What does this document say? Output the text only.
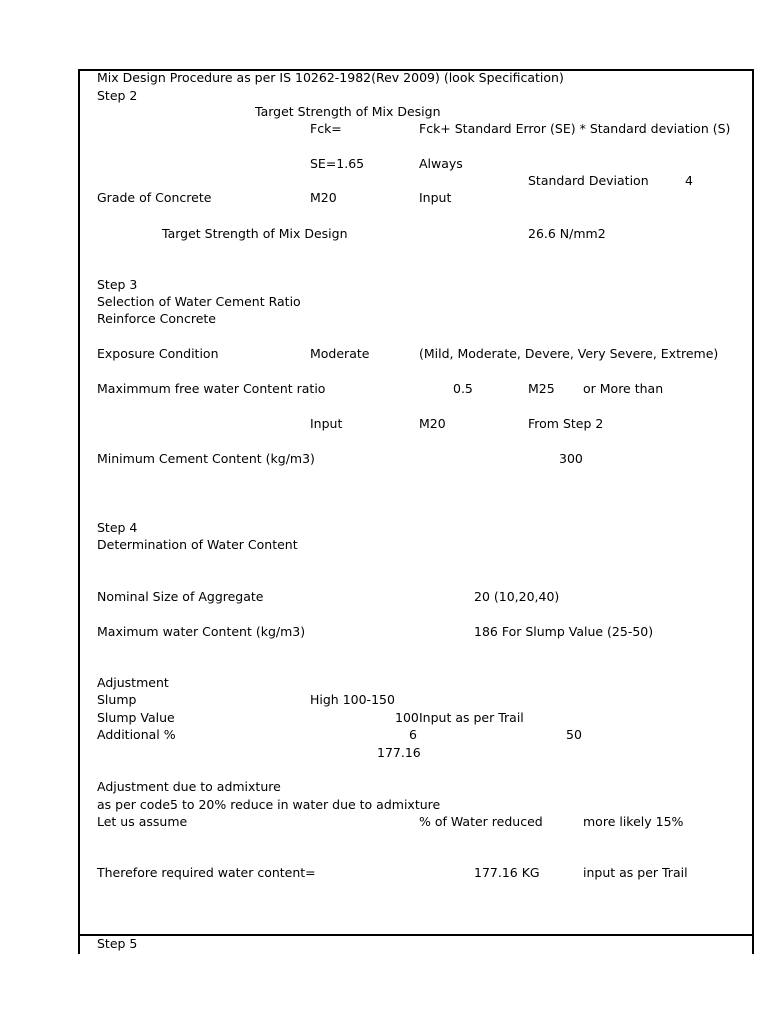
Mix Design Procedure as per IS 10262-1982(Rev 2009) (look Specification)
Step 2
Target Strength of Mix Design
Fck=	Fck+ Standard Error (SE) * Standard deviation (S)
SE=1.65	Always
Standard Deviation	4
Grade of Concrete	M20	Input
Target Strength of Mix Design	26.6 N/mm2
Step 3
Selection of Water Cement Ratio
Reinforce Concrete
Exposure Condition	Moderate	(Mild, Moderate, Devere, Very Severe, Extreme)
Maximmum free water Content ratio	0.5	M25 or More than
Input	M20	From Step 2
Minimum Cement Content (kg/m3)	300
Step 4
Determination of Water Content
Nominal Size of Aggregate	20 (10,20,40)
Maximum water Content (kg/m3)	186 For Slump Value (25-50)
Adjustment
Slump	High 100-150
Slump Value	100 Input as per Trail
Additional %	6	50
177.16
Adjustment due to admixture
as per code5 to 20% reduce in water due to admixture
Let us assume	% of Water reduced	more likely 15%
Therefore required water content=	177.16 KG	input as per Trail
Step 5
